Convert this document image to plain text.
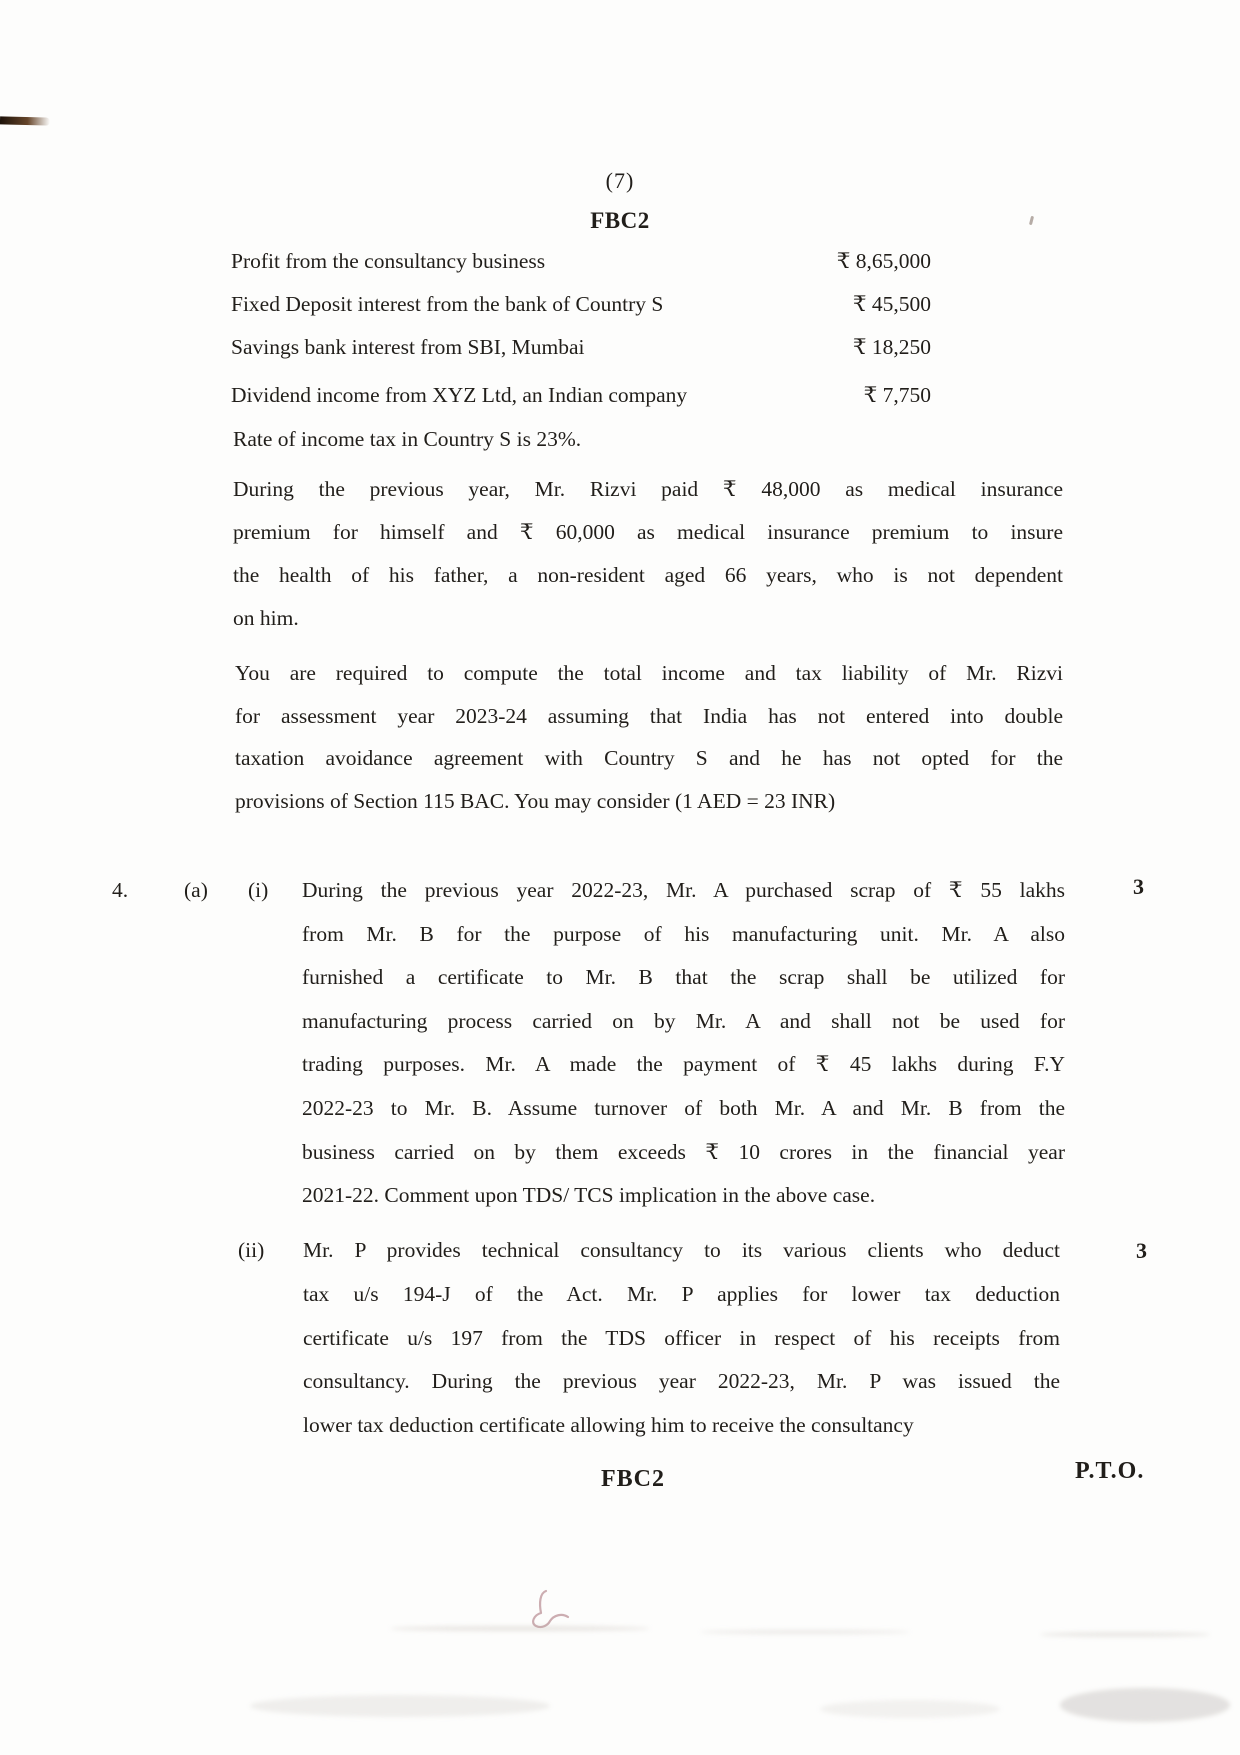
(7)
FBC2
Profit from the consultancy business	₹ 8,65,000
Fixed Deposit interest from the bank of Country S	₹ 45,500
Savings bank interest from SBI, Mumbai	₹ 18,250
Dividend income from XYZ Ltd, an Indian company	₹ 7,750
Rate of income tax in Country S is 23%.
During the previous year, Mr. Rizvi paid ₹ 48,000 as medical insurance
premium for himself and ₹ 60,000 as medical insurance premium to insure
the health of his father, a non-resident aged 66 years, who is not dependent
on him.
You are required to compute the total income and tax liability of Mr. Rizvi
for assessment year 2023-24 assuming that India has not entered into double
taxation avoidance agreement with Country S and he has not opted for the
provisions of Section 115 BAC. You may consider (1 AED = 23 INR)
4.	(a) (i) During the previous year 2022-23, Mr. A purchased scrap of ₹ 55 lakhs
from Mr. B for the purpose of his manufacturing unit. Mr. A also
furnished a certificate to Mr. B that the scrap shall be utilized for
manufacturing process carried on by Mr. A and shall not be used for
trading purposes. Mr. A made the payment of ₹ 45 lakhs during F.Y
2022-23 to Mr. B. Assume turnover of both Mr. A and Mr. B from the
business carried on by them exceeds ₹ 10 crores in the financial year
2021-22. Comment upon TDS/ TCS implication in the above case.
3
(ii) Mr. P provides technical consultancy to its various clients who deduct
tax u/s 194-J of the Act. Mr. P applies for lower tax deduction
certificate u/s 197 from the TDS officer in respect of his receipts from
consultancy. During the previous year 2022-23, Mr. P was issued the
lower tax deduction certificate allowing him to receive the consultancy
3
FBC2	P.T.O.
